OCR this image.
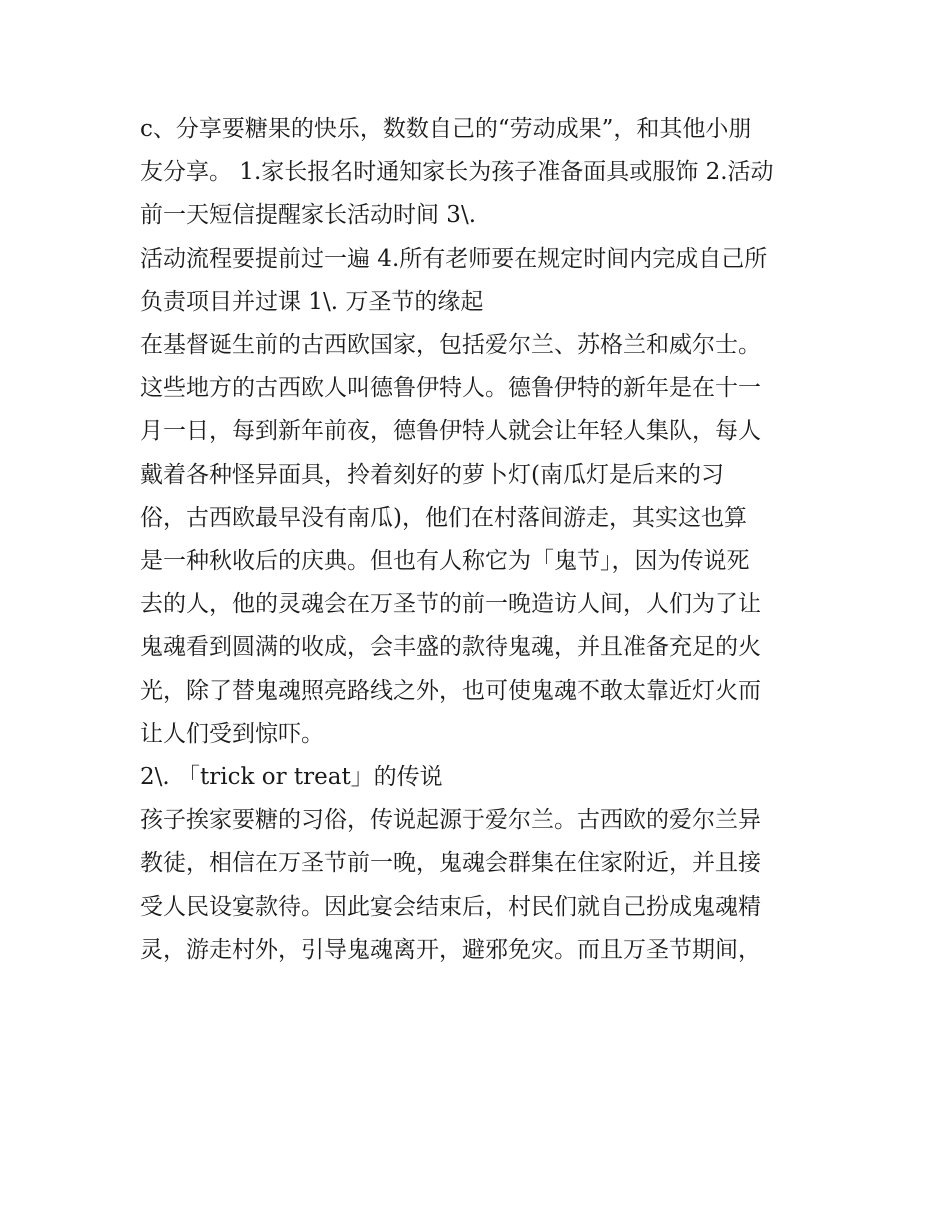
c、分享要糖果的快乐，数数自己的“劳动成果”，和其他小朋
友分享。 1.家长报名时通知家长为孩子准备面具或服饰 2.活动
前一天短信提醒家长活动时间 3\.

活动流程要提前过一遍 4.所有老师要在规定时间内完成自己所
负责项目并过课 1\. 万圣节的缘起

在基督诞生前的古西欧国家，包括爱尔兰、苏格兰和威尔士。
这些地方的古西欧人叫德鲁伊特人。德鲁伊特的新年是在十一
月一日，每到新年前夜，德鲁伊特人就会让年轻人集队，每人
戴着各种怪异面具，拎着刻好的萝卜灯(南瓜灯是后来的习
俗，古西欧最早没有南瓜)，他们在村落间游走，其实这也算
是一种秋收后的庆典。但也有人称它为「鬼节」，因为传说死
去的人，他的灵魂会在万圣节的前一晚造访人间，人们为了让
鬼魂看到圆满的收成，会丰盛的款待鬼魂，并且准备充足的火
光，除了替鬼魂照亮路线之外，也可使鬼魂不敢太靠近灯火而
让人们受到惊吓。

2\. 「trick or treat」的传说

孩子挨家要糖的习俗，传说起源于爱尔兰。古西欧的爱尔兰异
教徒，相信在万圣节前一晚，鬼魂会群集在住家附近，并且接
受人民设宴款待。因此宴会结束后，村民们就自己扮成鬼魂精
灵，游走村外，引导鬼魂离开，避邪免灾。而且万圣节期间，
